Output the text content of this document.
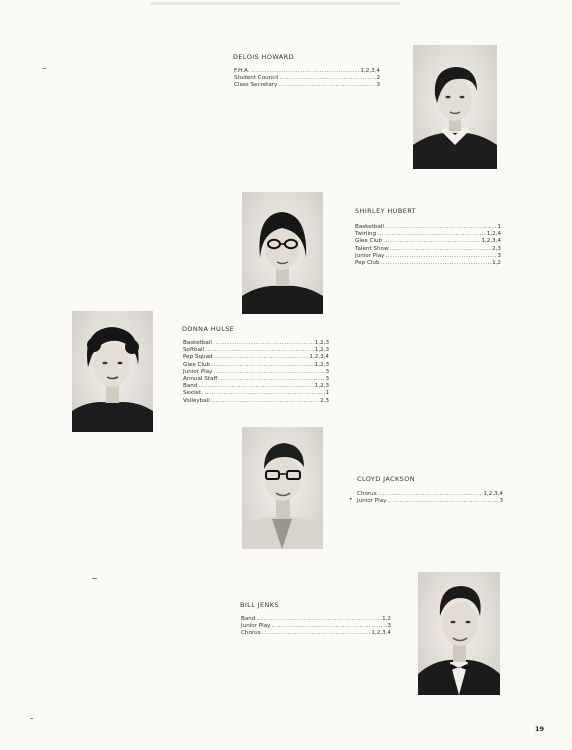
DELOIS HOWARD
F.H.A. .....	1,2,3,4
Student Council .....	2
Class Secretary .....	3
SHIRLEY HUBERT
Basketball .....	1
Twirling .....	1,2,4
Glee Club .....	1,2,3,4
Talent Show .....	2,3
Junior Play .....	3
Pep Club .....	1,2
DONNA HULSE
Basketball .....	1,2,3
Softball .....	1,2,3
Pep Squad .....	1,2,3,4
Glee Club .....	1,2,3
Junior Play .....	3
Annual Staff .....	3
Band .....	1,2,3
Sextet .....	1
Volleyball .....	2,3
CLOYD JACKSON
Chorus .....	1,2,3,4
Junior Play .....	3
•
BILL JENKS
Band .....	1,2
Junior Play .....	3
Chorus .....	1,2,3,4
19
